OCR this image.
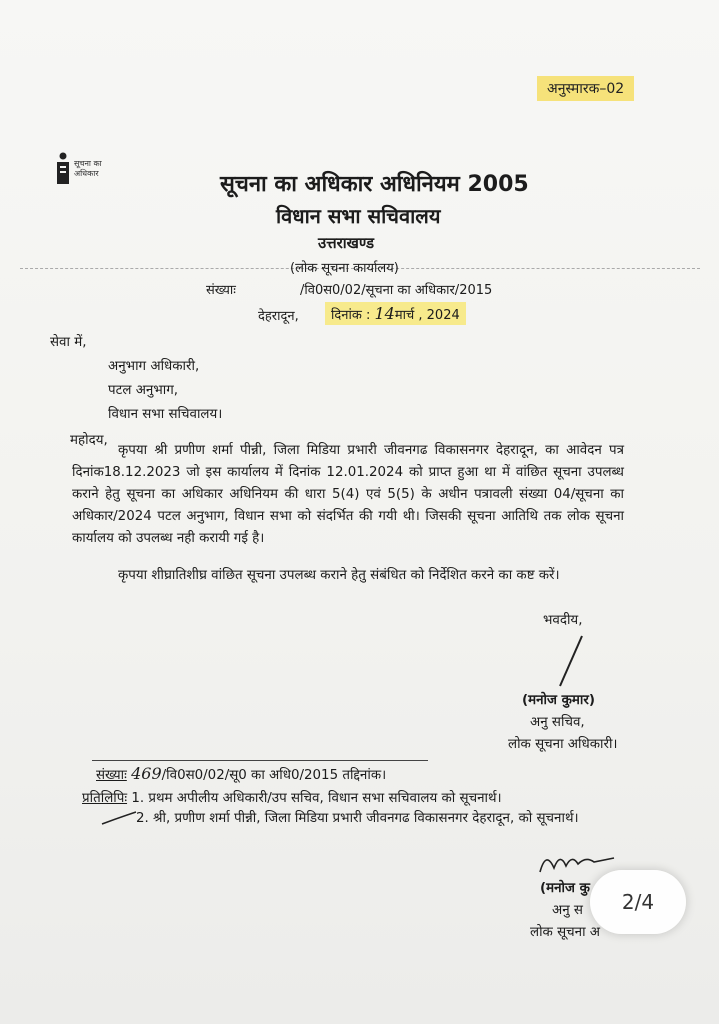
अनुस्मारक–02
सूचना का
अधिकार	सूचना का अधिकार अधिनियम 2005
विधान सभा सचिवालय
उत्तराखण्ड
(लोक सूचना कार्यालय)
संख्याः	/वि0स0/02/सूचना का अधिकार/2015
देहरादून,	दिनांक : 14मार्च , 2024
सेवा में,
अनुभाग अधिकारी,
पटल अनुभाग,
विधान सभा सचिवालय।
महोदय,
कृपया श्री प्रणीण शर्मा पीन्नी, जिला मिडिया प्रभारी जीवनगढ विकासनगर देहरादून, का आवेदन पत्र दिनांक18.12.2023 जो इस कार्यालय में दिनांक 12.01.2024 को प्राप्त हुआ था में वांछित सूचना उपलब्ध कराने हेतु सूचना का अधिकार अधिनियम की धारा 5(4) एवं 5(5) के अधीन पत्रावली संख्या 04/सूचना का अधिकार/2024 पटल अनुभाग, विधान सभा को संदर्भित की गयी थी। जिसकी सूचना आतिथि तक लोक सूचना कार्यालय को उपलब्ध नही करायी गई है।
कृपया शीघ्रातिशीघ्र वांछित सूचना उपलब्ध कराने हेतु संबंधित को निर्देशित करने का कष्ट करें।
भवदीय,
(मनोज कुमार)
अनु सचिव,
लोक सूचना अधिकारी।
संख्याः 469/वि0स0/02/सू0 का अधि0/2015 तद्दिनांक।
प्रतिलिपिः 1. प्रथम अपीलीय अधिकारी/उप सचिव, विधान सभा सचिवालय को सूचनार्थ।
2. श्री, प्रणीण शर्मा पीन्नी, जिला मिडिया प्रभारी जीवनगढ विकासनगर देहरादून, को सूचनार्थ।
(मनोज कु
अनु स
लोक सूचना अ
2/4
